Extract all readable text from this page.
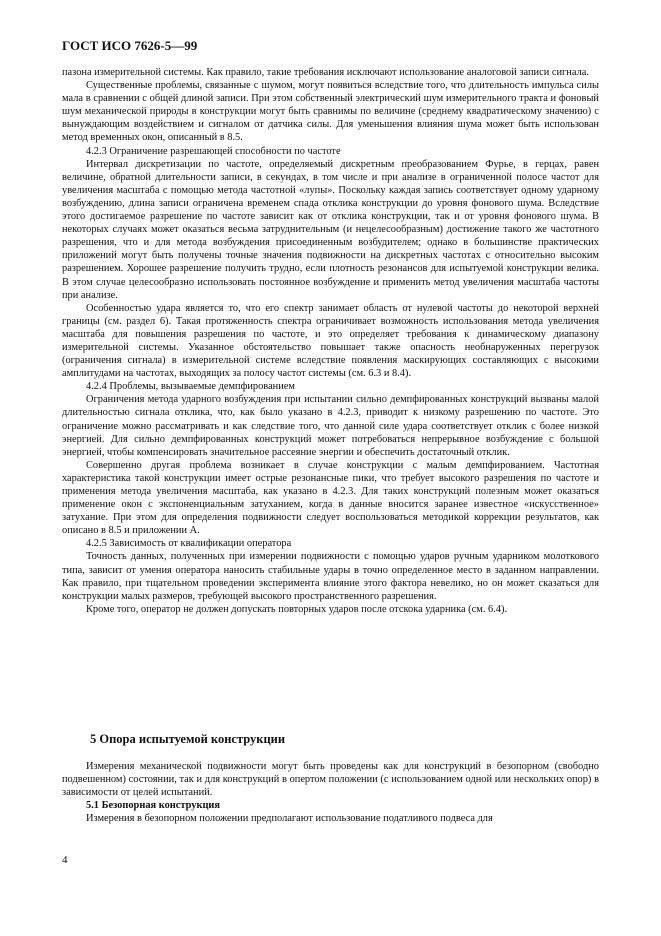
ГОСТ ИСО 7626-5—99

пазона измерительной системы. Как правило, такие требования исключают использование аналоговой записи сигнала.

Существенные проблемы, связанные с шумом, могут появиться вследствие того, что длительность импульса силы мала в сравнении с общей длиной записи. При этом собственный электрический шум измерительного тракта и фоновый шум механической природы в конструкции могут быть сравнимы по величине (среднему квадратическому значению) с вынуждающим воздействием и сигналом от датчика силы. Для уменьшения влияния шума может быть использован метод временных окон, описанный в 8.5.

4.2.3 Ограничение разрешающей способности по частоте

Интервал дискретизации по частоте, определяемый дискретным преобразованием Фурье, в герцах, равен величине, обратной длительности записи, в секундах, в том числе и при анализе в ограниченной полосе частот для увеличения масштаба с помощью метода частотной «лупы». Поскольку каждая запись соответствует одному ударному возбуждению, длина записи ограничена временем спада отклика конструкции до уровня фонового шума. Вследствие этого достигаемое разрешение по частоте зависит как от отклика конструкции, так и от уровня фонового шума. В некоторых случаях может оказаться весьма затруднительным (и нецелесообразным) достижение такого же частотного разрешения, что и для метода возбуждения присоединенным возбудителем; однако в большинстве практических приложений могут быть получены точные значения подвижности на дискретных частотах с относительно высоким разрешением. Хорошее разрешение получить трудно, если плотность резонансов для испытуемой конструкции велика. В этом случае целесообразно использовать постоянное возбуждение и применить метод увеличения масштаба частоты при анализе.

Особенностью удара является то, что его спектр занимает область от нулевой частоты до некоторой верхней границы (см. раздел 6). Такая протяженность спектра ограничивает возможность использования метода увеличения масштаба для повышения разрешения по частоте, и это определяет требования к динамическому диапазону измерительной системы. Указанное обстоятельство повышает также опасность необнаруженных перегрузок (ограничения сигнала) в измерительной системе вследствие появления маскирующих составляющих с высокими амплитудами на частотах, выходящих за полосу частот системы (см. 6.3 и 8.4).

4.2.4 Проблемы, вызываемые демпфированием

Ограничения метода ударного возбуждения при испытании сильно демпфированных конструкций вызваны малой длительностью сигнала отклика, что, как было указано в 4.2.3, приводит к низкому разрешению по частоте. Это ограничение можно рассматривать и как следствие того, что данной силе удара соответствует отклик с более низкой энергией. Для сильно демпфированных конструкций может потребоваться непрерывное возбуждение с большой энергией, чтобы компенсировать значительное рассеяние энергии и обеспечить достаточный отклик.

Совершенно другая проблема возникает в случае конструкции с малым демпфированием. Частотная характеристика такой конструкции имеет острые резонансные пики, что требует высокого разрешения по частоте и применения метода увеличения масштаба, как указано в 4.2.3. Для таких конструкций полезным может оказаться применение окон с экспоненциальным затуханием, когда в данные вносится заранее известное «искусственное» затухание. При этом для определения подвижности следует воспользоваться методикой коррекции результатов, как описано в 8.5 и приложении А.

4.2.5 Зависимость от квалификации оператора

Точность данных, полученных при измерении подвижности с помощью ударов ручным ударником молоткового типа, зависит от умения оператора наносить стабильные удары в точно определенное место в заданном направлении. Как правило, при тщательном проведении эксперимента влияние этого фактора невелико, но он может сказаться для конструкции малых размеров, требующей высокого пространственного разрешения.

Кроме того, оператор не должен допускать повторных ударов после отскока ударника (см. 6.4).

5 Опора испытуемой конструкции

Измерения механической подвижности могут быть проведены как для конструкций в безопорном (свободно подвешенном) состоянии, так и для конструкций в опертом положении (с использованием одной или нескольких опор) в зависимости от целей испытаний.

5.1 Безопорная конструкция

Измерения в безопорном положении предполагают использование податливого подвеса для

4
